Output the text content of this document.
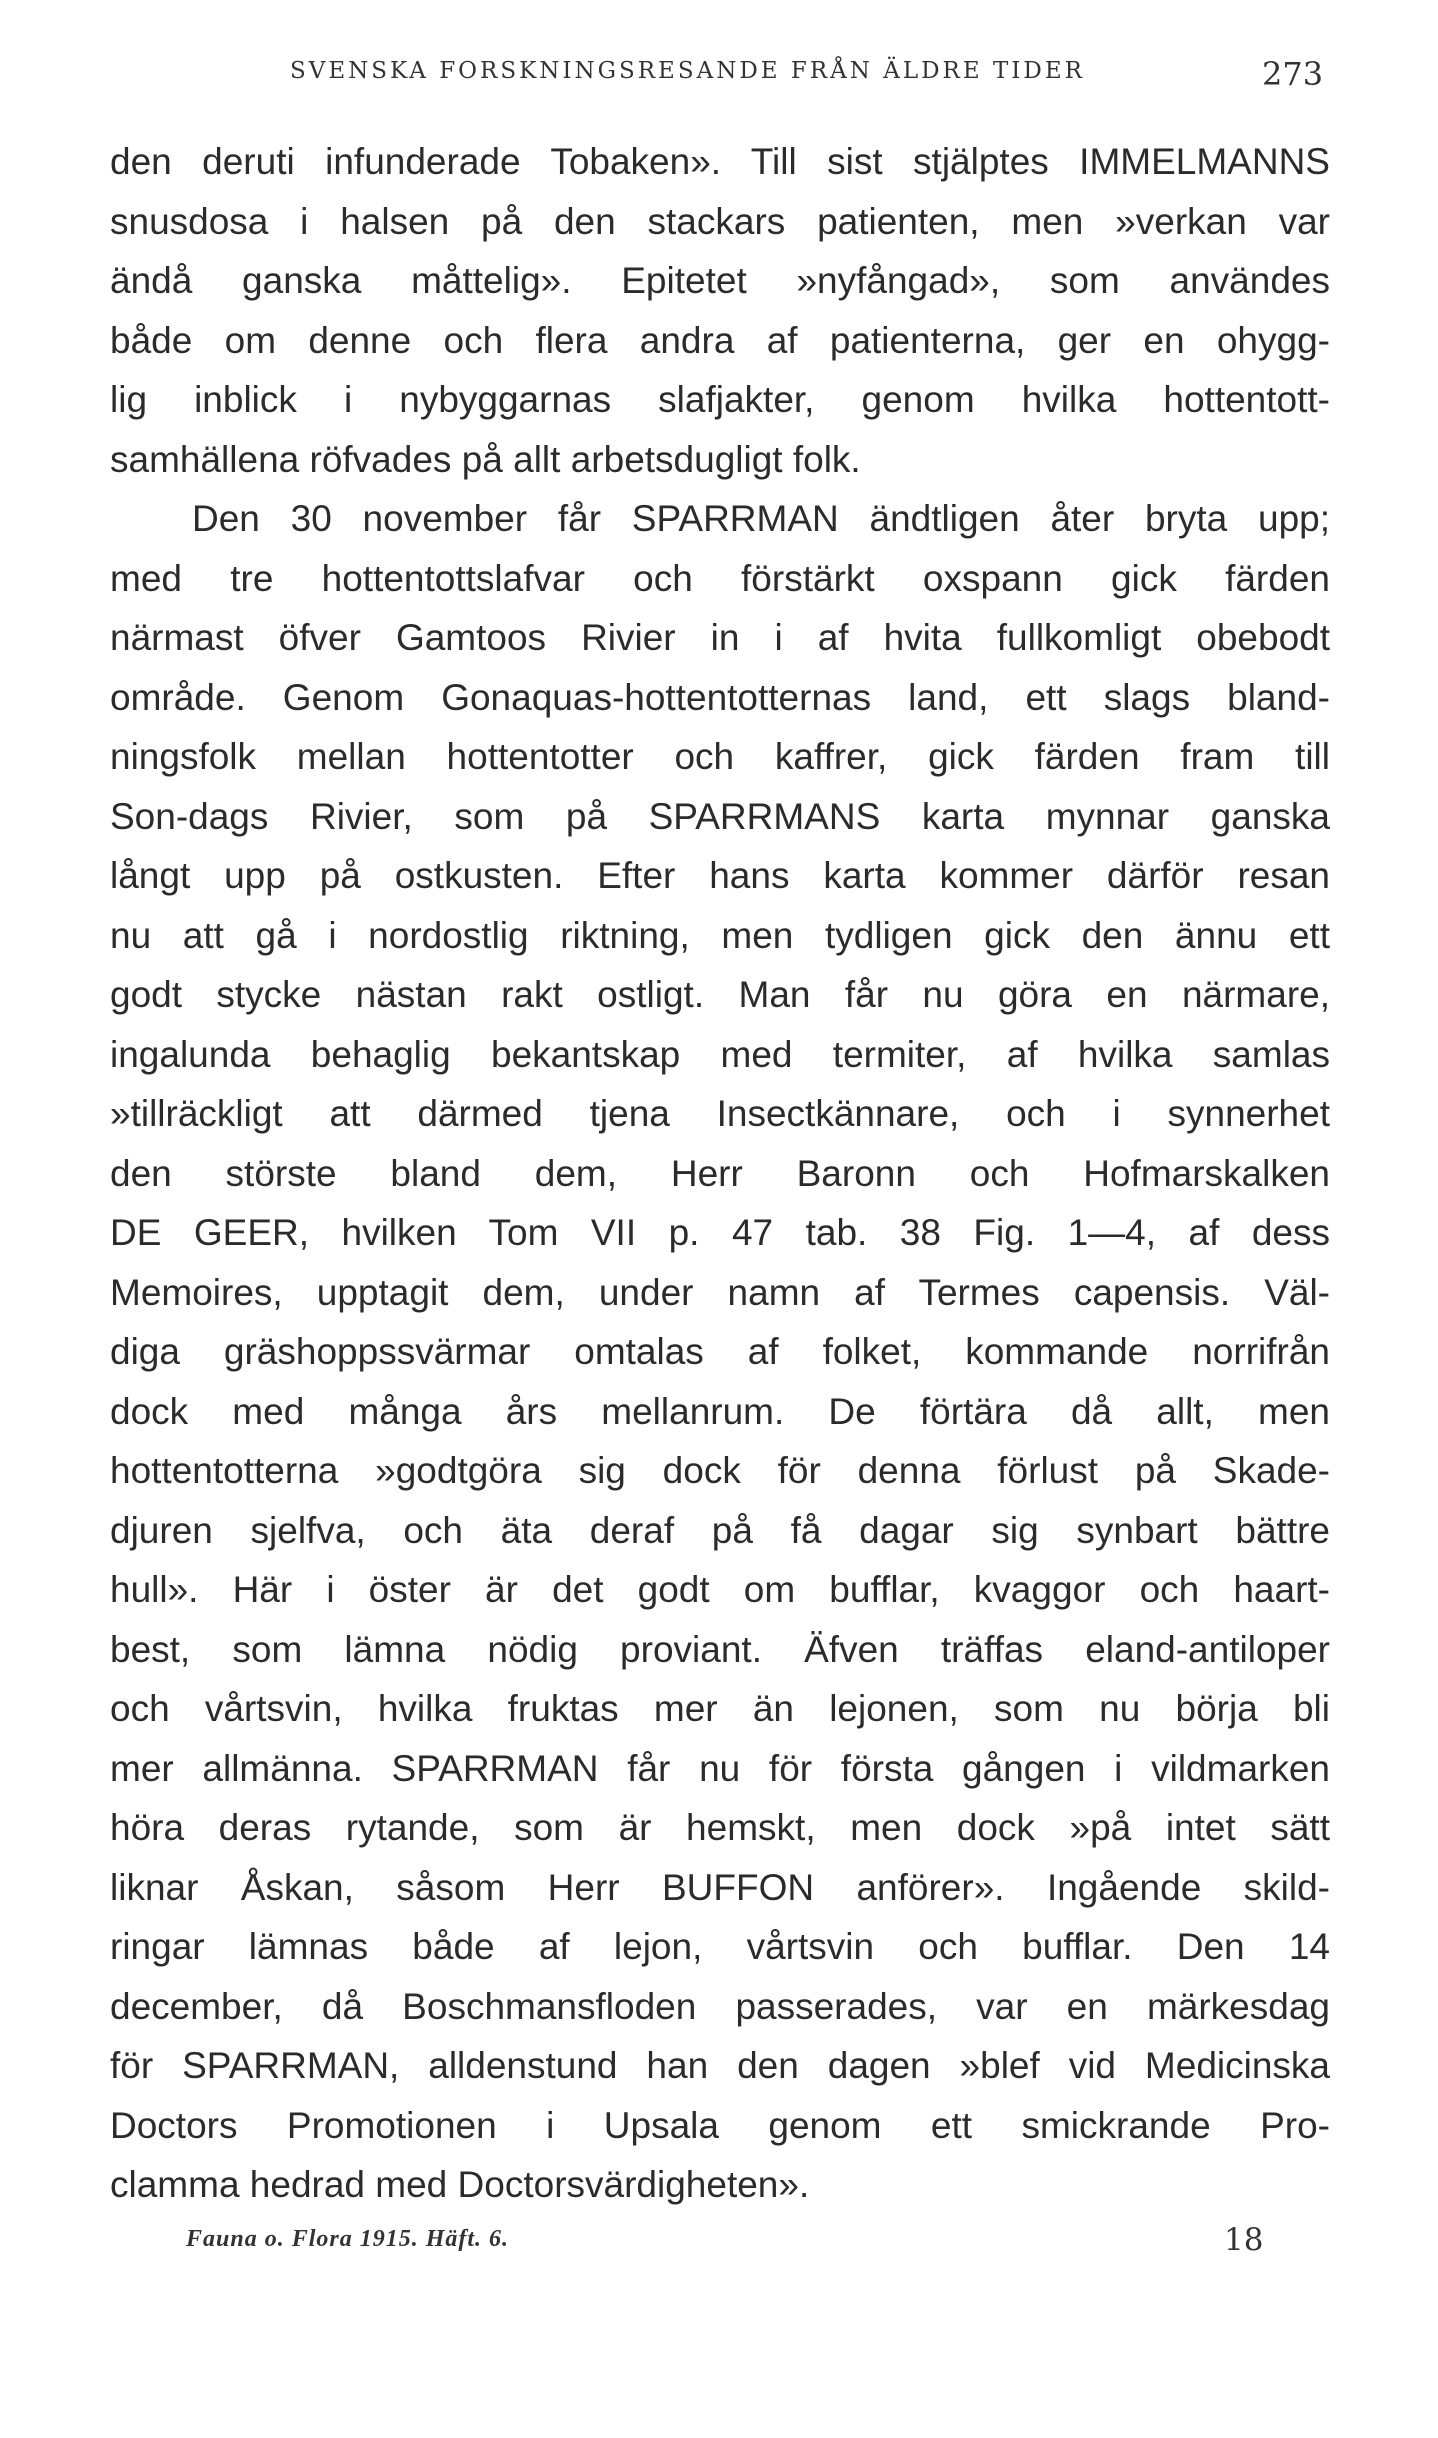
SVENSKA FORSKNINGSRESANDE FRÅN ÄLDRE TIDER	273
den deruti infunderade Tobaken». Till sist stjälptes IMMELMANNS
snusdosa i halsen på den stackars patienten, men »verkan var
ändå ganska måttelig». Epitetet »nyfångad», som användes
både om denne och flera andra af patienterna, ger en ohygg-
lig inblick i nybyggarnas slafjakter, genom hvilka hottentott-
samhällena röfvades på allt arbetsdugligt folk.
Den 30 november får SPARRMAN ändtligen åter bryta upp;
med tre hottentottslafvar och förstärkt oxspann gick färden
närmast öfver Gamtoos Rivier in i af hvita fullkomligt obebodt
område. Genom Gonaquas-hottentotternas land, ett slags bland-
ningsfolk mellan hottentotter och kaffrer, gick färden fram till
Son-dags Rivier, som på SPARRMANS karta mynnar ganska
långt upp på ostkusten. Efter hans karta kommer därför resan
nu att gå i nordostlig riktning, men tydligen gick den ännu ett
godt stycke nästan rakt ostligt. Man får nu göra en närmare,
ingalunda behaglig bekantskap med termiter, af hvilka samlas
»tillräckligt att därmed tjena Insectkännare, och i synnerhet
den störste bland dem, Herr Baronn och Hofmarskalken
DE GEER, hvilken Tom VII p. 47 tab. 38 Fig. 1—4, af dess
Memoires, upptagit dem, under namn af Termes capensis. Väl-
diga gräshoppssvärmar omtalas af folket, kommande norrifrån
dock med många års mellanrum. De förtära då allt, men
hottentotterna »godtgöra sig dock för denna förlust på Skade-
djuren sjelfva, och äta deraf på få dagar sig synbart bättre
hull». Här i öster är det godt om bufflar, kvaggor och haart-
best, som lämna nödig proviant. Äfven träffas eland-antiloper
och vårtsvin, hvilka fruktas mer än lejonen, som nu börja bli
mer allmänna. SPARRMAN får nu för första gången i vildmarken
höra deras rytande, som är hemskt, men dock »på intet sätt
liknar Åskan, såsom Herr BUFFON anförer». Ingående skild-
ringar lämnas både af lejon, vårtsvin och bufflar. Den 14
december, då Boschmansfloden passerades, var en märkesdag
för SPARRMAN, alldenstund han den dagen »blef vid Medicinska
Doctors Promotionen i Upsala genom ett smickrande Pro-
clamma hedrad med Doctorsvärdigheten».
Fauna o. Flora 1915. Häft. 6.	18
